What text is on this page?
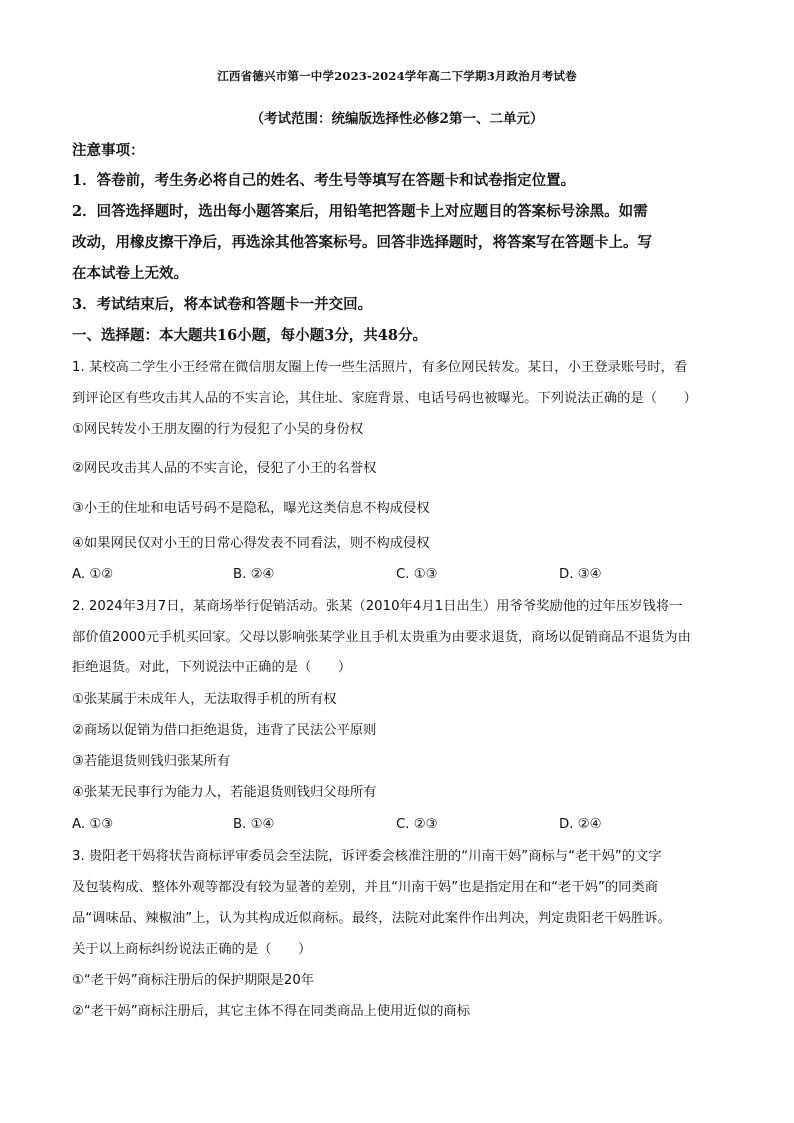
江西省德兴市第一中学2023-2024学年高二下学期3月政治月考试卷
（考试范围：统编版选择性必修2第一、二单元）
注意事项：
1．答卷前，考生务必将自己的姓名、考生号等填写在答题卡和试卷指定位置。
2．回答选择题时，选出每小题答案后，用铅笔把答题卡上对应题目的答案标号涂黑。如需
改动，用橡皮擦干净后，再选涂其他答案标号。回答非选择题时，将答案写在答题卡上。写
在本试卷上无效。
3．考试结束后，将本试卷和答题卡一并交回。
一、选择题：本大题共16小题，每小题3分，共48分。
1. 某校高二学生小王经常在微信朋友圈上传一些生活照片，有多位网民转发。某日，小王登录账号时，看
到评论区有些攻击其人品的不实言论，其住址、家庭背景、电话号码也被曝光。下列说法正确的是（　　）
①网民转发小王朋友圈的行为侵犯了小吴的身份权
②网民攻击其人品的不实言论，侵犯了小王的名誉权
③小王的住址和电话号码不是隐私，曝光这类信息不构成侵权
④如果网民仅对小王的日常心得发表不同看法，则不构成侵权
A. ①②	B. ②④	C. ①③	D. ③④
2. 2024年3月7日，某商场举行促销活动。张某（2010年4月1日出生）用爷爷奖励他的过年压岁钱将一
部价值2000元手机买回家。父母以影响张某学业且手机太贵重为由要求退货，商场以促销商品不退货为由
拒绝退货。对此，下列说法中正确的是（　　）
①张某属于未成年人，无法取得手机的所有权
②商场以促销为借口拒绝退货，违背了民法公平原则
③若能退货则钱归张某所有
④张某无民事行为能力人，若能退货则钱归父母所有
A. ①③	B. ①④	C. ②③	D. ②④
3. 贵阳老干妈将状告商标评审委员会至法院，诉评委会核准注册的“川南干妈”商标与“老干妈”的文字
及包装构成、整体外观等都没有较为显著的差别，并且“川南干妈”也是指定用在和“老干妈”的同类商
品“调味品、辣椒油”上，认为其构成近似商标。最终，法院对此案件作出判决，判定贵阳老干妈胜诉。
关于以上商标纠纷说法正确的是（　　）
①“老干妈”商标注册后的保护期限是20年
②“老干妈”商标注册后，其它主体不得在同类商品上使用近似的商标
